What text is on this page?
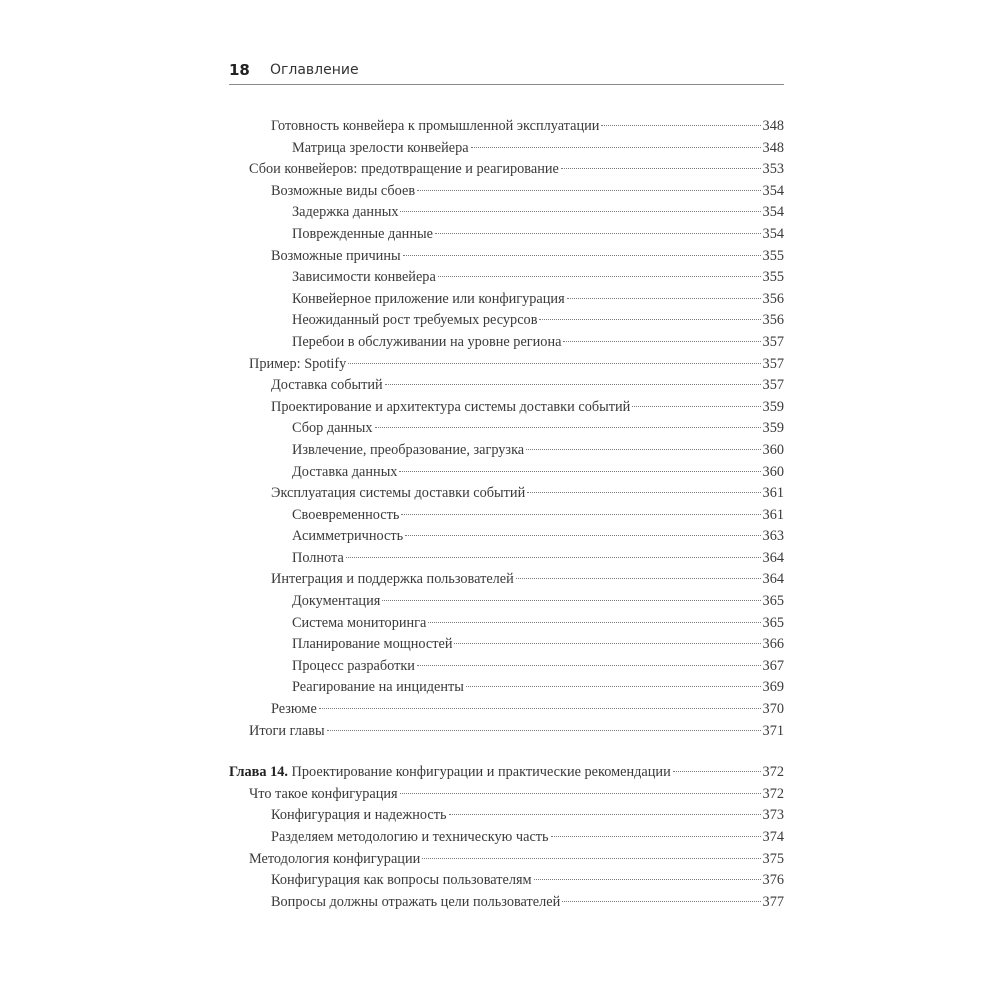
18 Оглавление
Готовность конвейера к промышленной эксплуатации	348
Матрица зрелости конвейера	348
Сбои конвейеров: предотвращение и реагирование	353
Возможные виды сбоев	354
Задержка данных	354
Поврежденные данные	354
Возможные причины	355
Зависимости конвейера	355
Конвейерное приложение или конфигурация	356
Неожиданный рост требуемых ресурсов	356
Перебои в обслуживании на уровне региона	357
Пример: Spotify	357
Доставка событий	357
Проектирование и архитектура системы доставки событий	359
Сбор данных	359
Извлечение, преобразование, загрузка	360
Доставка данных	360
Эксплуатация системы доставки событий	361
Своевременность	361
Асимметричность	363
Полнота	364
Интеграция и поддержка пользователей	364
Документация	365
Система мониторинга	365
Планирование мощностей	366
Процесс разработки	367
Реагирование на инциденты	369
Резюме	370
Итоги главы	371
Глава 14. Проектирование конфигурации и практические рекомендации	372
Что такое конфигурация	372
Конфигурация и надежность	373
Разделяем методологию и техническую часть	374
Методология конфигурации	375
Конфигурация как вопросы пользователям	376
Вопросы должны отражать цели пользователей	377
